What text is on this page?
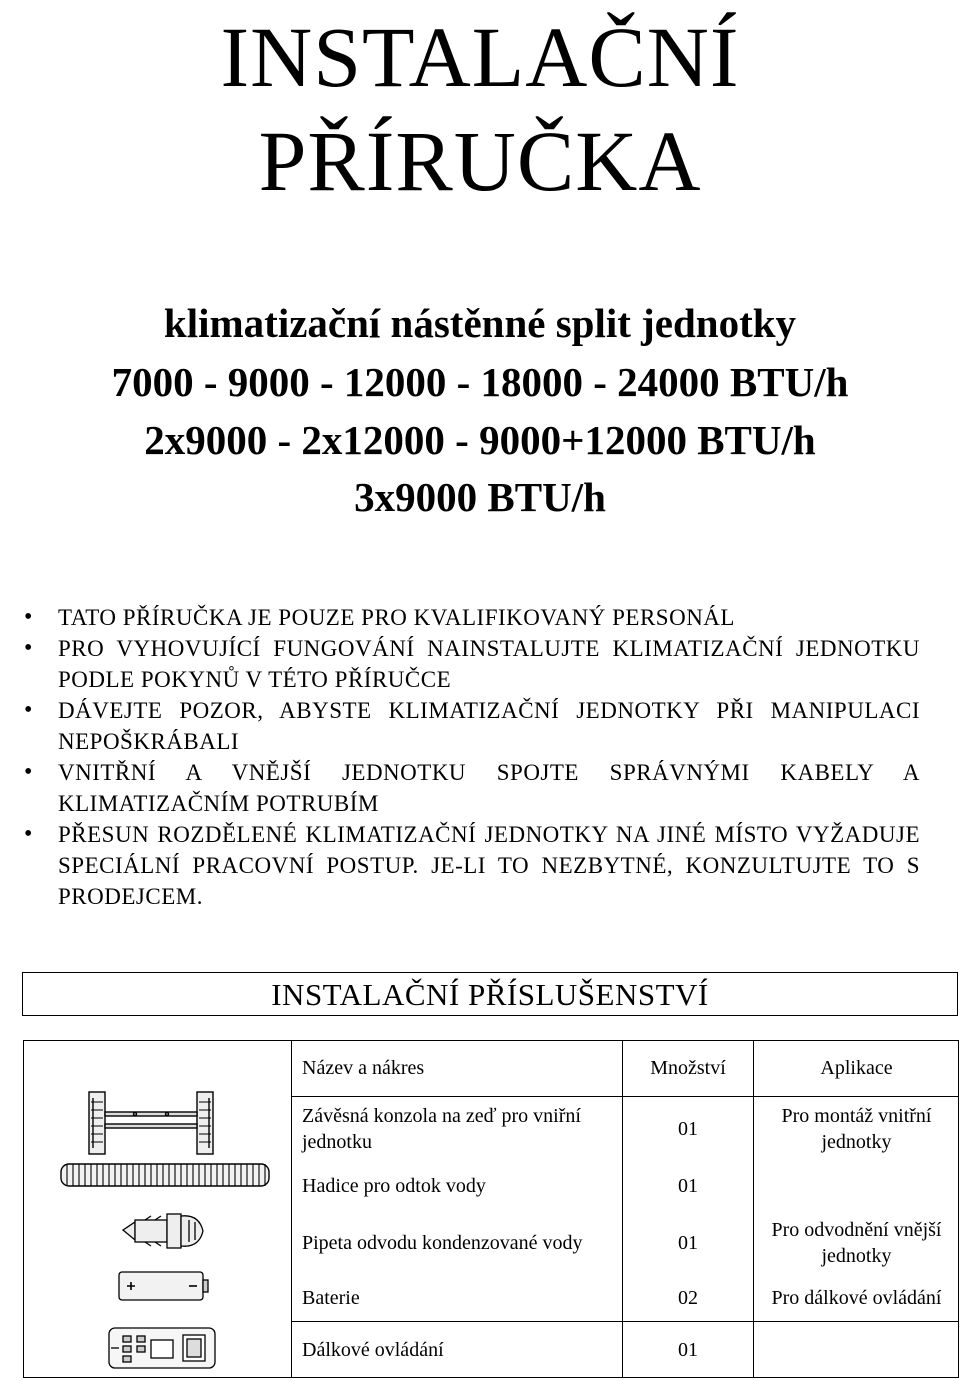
INSTALAČNÍ
PŘÍRUČKA
klimatizační nástěnné split jednotky
7000 - 9000 - 12000 - 18000 - 24000 BTU/h
2x9000 - 2x12000 - 9000+12000 BTU/h
3x9000 BTU/h
• TATO PŘÍRUČKA JE POUZE PRO KVALIFIKOVANÝ PERSONÁL
• PRO VYHOVUJÍCÍ FUNGOVÁNÍ NAINSTALUJTE KLIMATIZAČNÍ JEDNOTKU PODLE POKYNŮ V TÉTO PŘÍRUČCE
• DÁVEJTE POZOR, ABYSTE KLIMATIZAČNÍ JEDNOTKY PŘI MANIPULACI NEPOŠKRÁBALI
• VNITŘNÍ A VNĚJŠÍ JEDNOTKU SPOJTE SPRÁVNÝMI KABELY A KLIMATIZAČNÍM POTRUBÍM
• PŘESUN ROZDĚLENÉ KLIMATIZAČNÍ JEDNOTKY NA JINÉ MÍSTO VYŽADUJE SPECIÁLNÍ PRACOVNÍ POSTUP. JE-LI TO NEZBYTNÉ, KONZULTUJTE TO S PRODEJCEM.
INSTALAČNÍ PŘÍSLUŠENSTVÍ
Název a nákres	Množství	Aplikace
Závěsná konzola na zeď pro vniřní jednotku	01	Pro montáž vnitřní jednotky
Hadice pro odtok vody	01	
Pipeta odvodu kondenzované vody	01	Pro odvodnění vnější jednotky
Baterie	02	Pro dálkové ovládání
Dálkové ovládání	01	
